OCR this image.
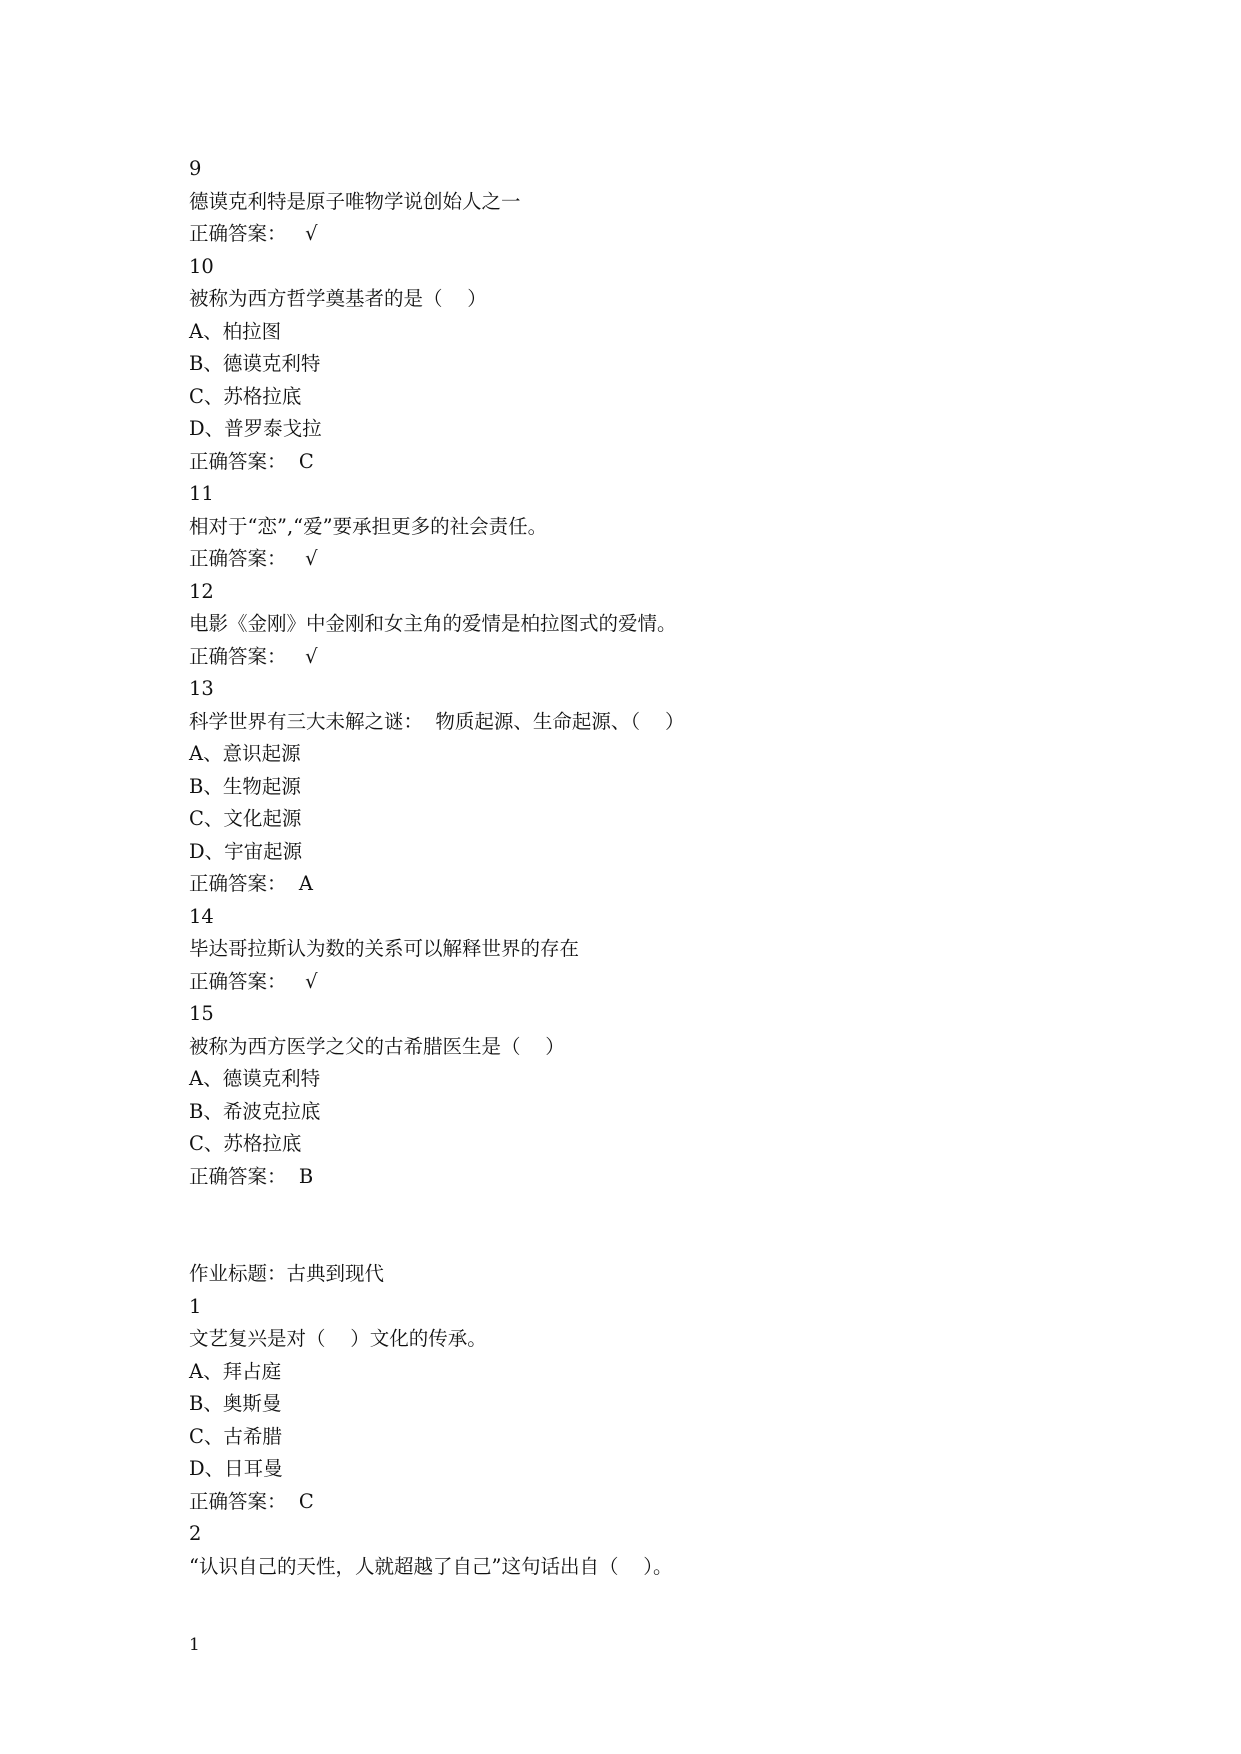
9
德谟克利特是原子唯物学说创始人之一
正确答案：   √
10
被称为西方哲学奠基者的是（    ）
A、柏拉图
B、德谟克利特
C、苏格拉底
D、普罗泰戈拉
正确答案：  C
11
相对于“恋”,“爱”要承担更多的社会责任。
正确答案：   √
12
电影《金刚》中金刚和女主角的爱情是柏拉图式的爱情。
正确答案：   √
13
科学世界有三大未解之谜：  物质起源、生命起源、（    ）
A、意识起源
B、生物起源
C、文化起源
D、宇宙起源
正确答案：  A
14
毕达哥拉斯认为数的关系可以解释世界的存在
正确答案：   √
15
被称为西方医学之父的古希腊医生是（    ）
A、德谟克利特
B、希波克拉底
C、苏格拉底
正确答案：  B
作业标题：古典到现代
1
文艺复兴是对（    ）文化的传承。
A、拜占庭
B、奥斯曼
C、古希腊
D、日耳曼
正确答案：  C
2
“认识自己的天性，人就超越了自己”这句话出自（    ）。
1
